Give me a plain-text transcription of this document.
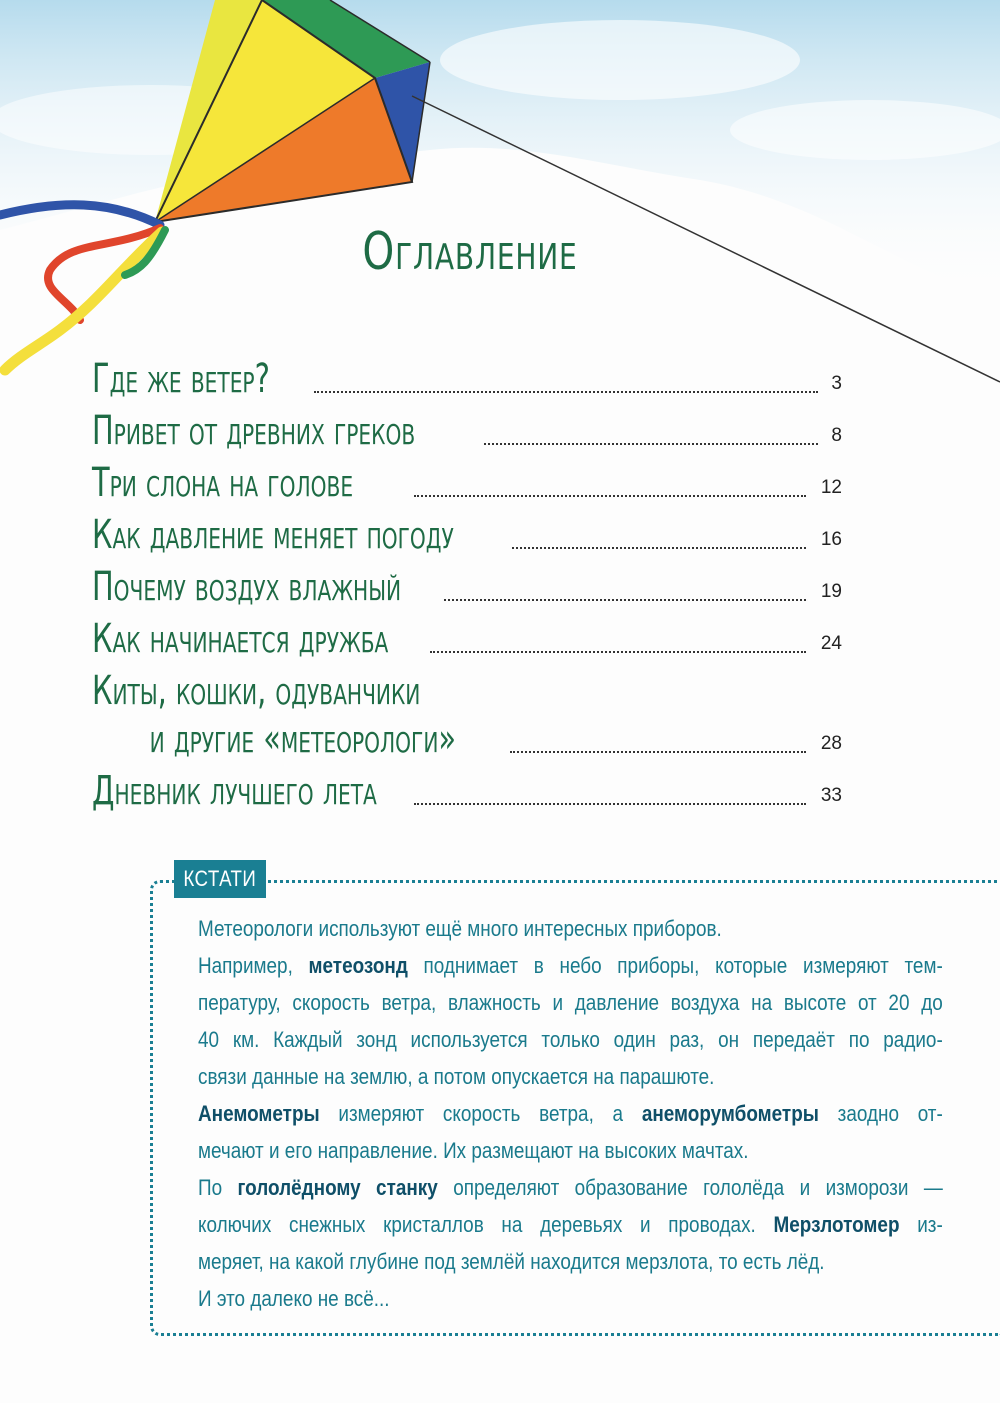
Оглавление
Где же ветер?	3
Привет от древних греков	8
Три слона на голове	12
Как давление меняет погоду	16
Почему воздух влажный	19
Как начинается дружба	24
Киты, кошки, одуванчики
и другие «метеорологи»	28
Дневник лучшего лета	33
КСТАТИ
Метеорологи используют ещё много интересных приборов.
Например, метеозонд поднимает в небо приборы, которые измеряют тем-
пературу, скорость ветра, влажность и давление воздуха на высоте от 20 до
40 км. Каждый зонд используется только один раз, он передаёт по радио-
связи данные на землю, а потом опускается на парашюте.
Анемометры измеряют скорость ветра, а анеморумбометры заодно от-
мечают и его направление. Их размещают на высоких мачтах.
По гололёдному станку определяют образование гололёда и изморози —
колючих снежных кристаллов на деревьях и проводах. Мерзлотомер из-
меряет, на какой глубине под землёй находится мерзлота, то есть лёд.
И это далеко не всё...
